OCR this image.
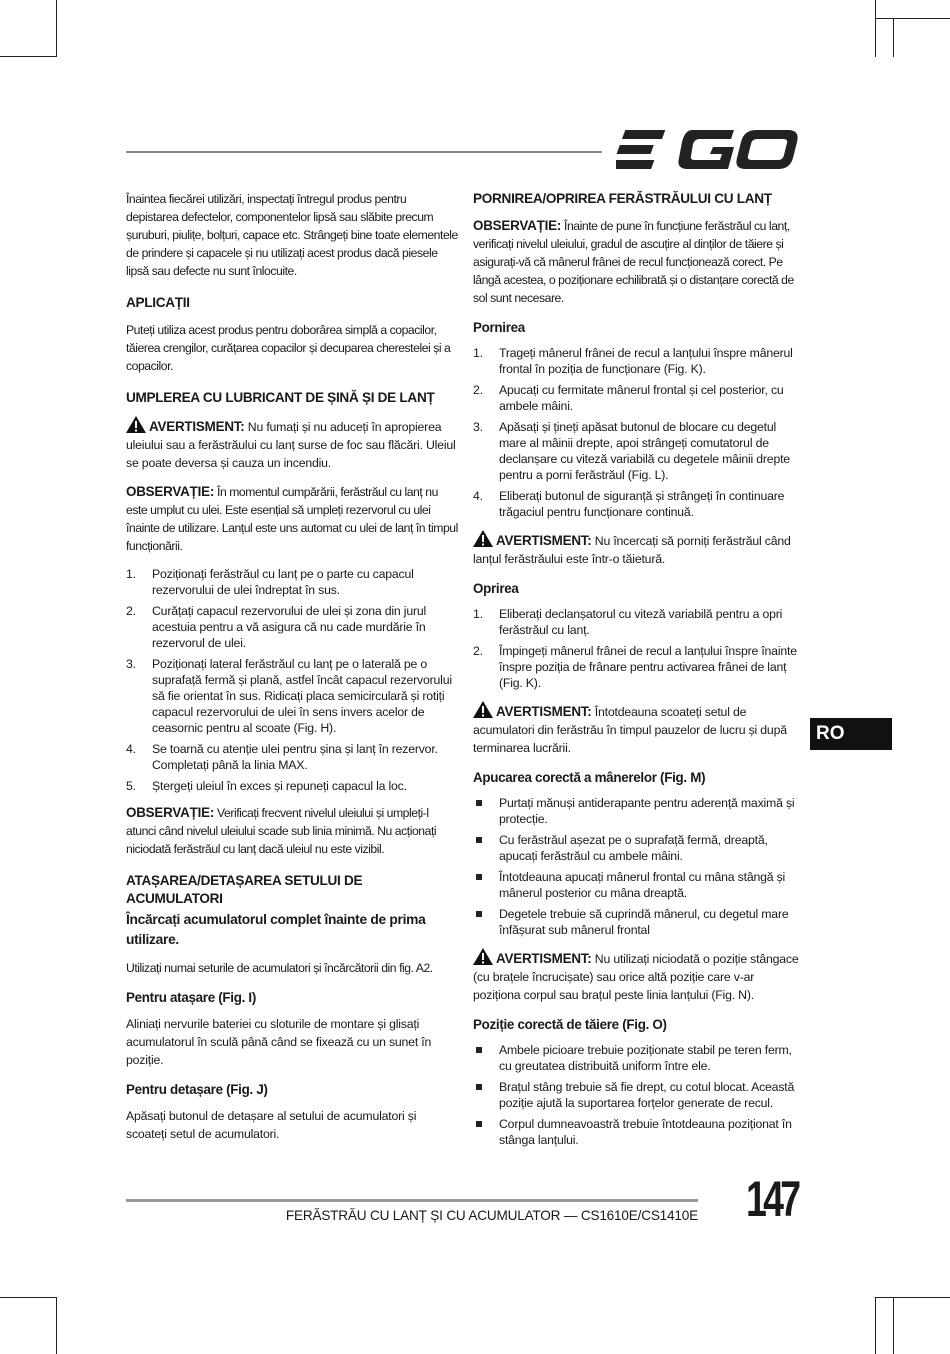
Înaintea fiecărei utilizări, inspectați întregul produs pentru depistarea defectelor, componentelor lipsă sau slăbite precum șuruburi, piulițe, bolțuri, capace etc. Strângeți bine toate elementele de prindere și capacele și nu utilizați acest produs dacă piesele lipsă sau defecte nu sunt înlocuite.

APLICAȚII

Puteți utiliza acest produs pentru doborârea simplă a copacilor, tăierea crengilor, curățarea copacilor și decuparea cherestelei și a copacilor.

UMPLEREA CU LUBRICANT DE ȘINĂ ȘI DE LANȚ

AVERTISMENT: Nu fumați și nu aduceți în apropierea uleiului sau a ferăstrăului cu lanț surse de foc sau flăcări. Uleiul se poate deversa și cauza un incendiu.

OBSERVAȚIE: În momentul cumpărării, ferăstrăul cu lanț nu este umplut cu ulei. Este esențial să umpleți rezervorul cu ulei înainte de utilizare. Lanțul este uns automat cu ulei de lanț în timpul funcționării.

1. Poziționați ferăstrăul cu lanț pe o parte cu capacul rezervorului de ulei îndreptat în sus.
2. Curățați capacul rezervorului de ulei și zona din jurul acestuia pentru a vă asigura că nu cade murdărie în rezervorul de ulei.
3. Poziționați lateral ferăstrăul cu lanț pe o laterală pe o suprafață fermă și plană, astfel încât capacul rezervorului să fie orientat în sus. Ridicați placa semicirculară și rotiți capacul rezervorului de ulei în sens invers acelor de ceasornic pentru al scoate (Fig. H).
4. Se toarnă cu atenție ulei pentru șina și lanț în rezervor. Completați până la linia MAX.
5. Ștergeți uleiul în exces și repuneți capacul la loc.

OBSERVAȚIE: Verificați frecvent nivelul uleiului și umpleți-l atunci când nivelul uleiului scade sub linia minimă. Nu acționați niciodată ferăstrăul cu lanț dacă uleiul nu este vizibil.

ATAȘAREA/DETAȘAREA SETULUI DE ACUMULATORI
Încărcați acumulatorul complet înainte de prima utilizare.

Utilizați numai seturile de acumulatori și încărcătorii din fig. A2.

Pentru atașare (Fig. I)

Aliniați nervurile bateriei cu sloturile de montare și glisați acumulatorul în sculă până când se fixează cu un sunet în poziție.

Pentru detașare (Fig. J)

Apăsați butonul de detașare al setului de acumulatori și scoateți setul de acumulatori.

PORNIREA/OPRIREA FERĂSTRĂULUI CU LANȚ

OBSERVAȚIE: Înainte de pune în funcțiune ferăstrăul cu lanț, verificați nivelul uleiului, gradul de ascuțire al dinților de tăiere și asigurați-vă că mânerul frânei de recul funcționează corect. Pe lângă acestea, o poziționare echilibrată și o distanțare corectă de sol sunt necesare.

Pornirea
1. Trageți mânerul frânei de recul a lanțului înspre mânerul frontal în poziția de funcționare (Fig. K).
2. Apucați cu fermitate mânerul frontal și cel posterior, cu ambele mâini.
3. Apăsați și țineți apăsat butonul de blocare cu degetul mare al mâinii drepte, apoi strângeți comutatorul de declanșare cu viteză variabilă cu degetele mâinii drepte pentru a porni ferăstrăul (Fig. L).
4. Eliberați butonul de siguranță și strângeți în continuare trăgaciul pentru funcționare continuă.

AVERTISMENT: Nu încercați să porniți ferăstrăul când lanțul ferăstrăului este într-o tăietură.

Oprirea
1. Eliberați declanșatorul cu viteză variabilă pentru a opri ferăstrăul cu lanț.
2. Împingeți mânerul frânei de recul a lanțului înspre înainte înspre poziția de frânare pentru activarea frânei de lanț (Fig. K).

AVERTISMENT: Întotdeauna scoateți setul de acumulatori din ferăstrău în timpul pauzelor de lucru și după terminarea lucrării.

Apucarea corectă a mânerelor (Fig. M)
Purtați mănuși antiderapante pentru aderență maximă și protecție.
Cu ferăstrăul așezat pe o suprafață fermă, dreaptă, apucați ferăstrăul cu ambele mâini.
Întotdeauna apucați mânerul frontal cu mâna stângă și mânerul posterior cu mâna dreaptă.
Degetele trebuie să cuprindă mânerul, cu degetul mare înfășurat sub mânerul frontal

AVERTISMENT: Nu utilizați niciodată o poziție stângace (cu brațele încrucișate) sau orice altă poziție care v-ar poziționa corpul sau brațul peste linia lanțului (Fig. N).

Poziție corectă de tăiere (Fig. O)
Ambele picioare trebuie poziționate stabil pe teren ferm, cu greutatea distribuită uniform între ele.
Brațul stâng trebuie să fie drept, cu cotul blocat. Această poziție ajută la suportarea forțelor generate de recul.
Corpul dumneavoastră trebuie întotdeauna poziționat în stânga lanțului.
RO
FERĂSTRĂU CU LANȚ ȘI CU ACUMULATOR — CS1610E/CS1410E 147
